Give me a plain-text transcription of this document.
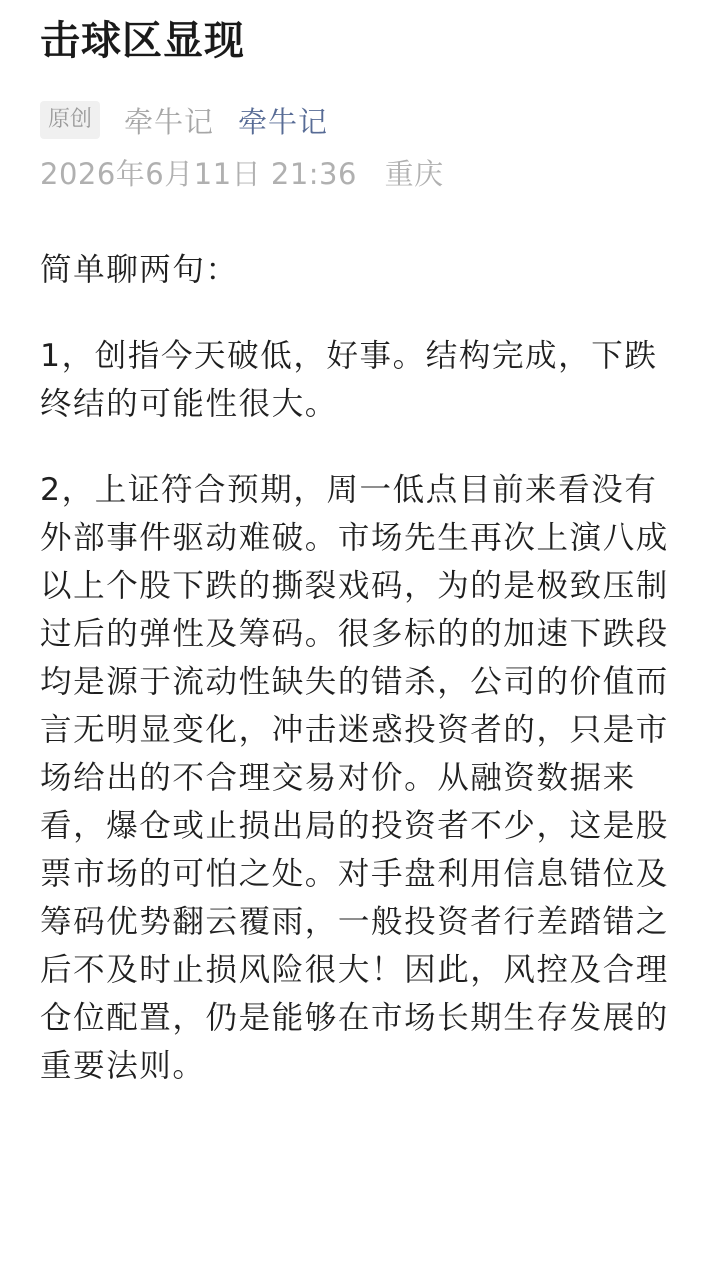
击球区显现
原创 牵牛记 牵牛记
2026年6月11日 21:36 重庆

简单聊两句：

1，创指今天破低，好事。结构完成，下跌终结的可能性很大。

2，上证符合预期，周一低点目前来看没有外部事件驱动难破。市场先生再次上演八成以上个股下跌的撕裂戏码，为的是极致压制过后的弹性及筹码。很多标的的加速下跌段均是源于流动性缺失的错杀，公司的价值而言无明显变化，冲击迷惑投资者的，只是市场给出的不合理交易对价。从融资数据来看，爆仓或止损出局的投资者不少，这是股票市场的可怕之处。对手盘利用信息错位及筹码优势翻云覆雨，一般投资者行差踏错之后不及时止损风险很大！因此，风控及合理仓位配置，仍是能够在市场长期生存发展的重要法则。
